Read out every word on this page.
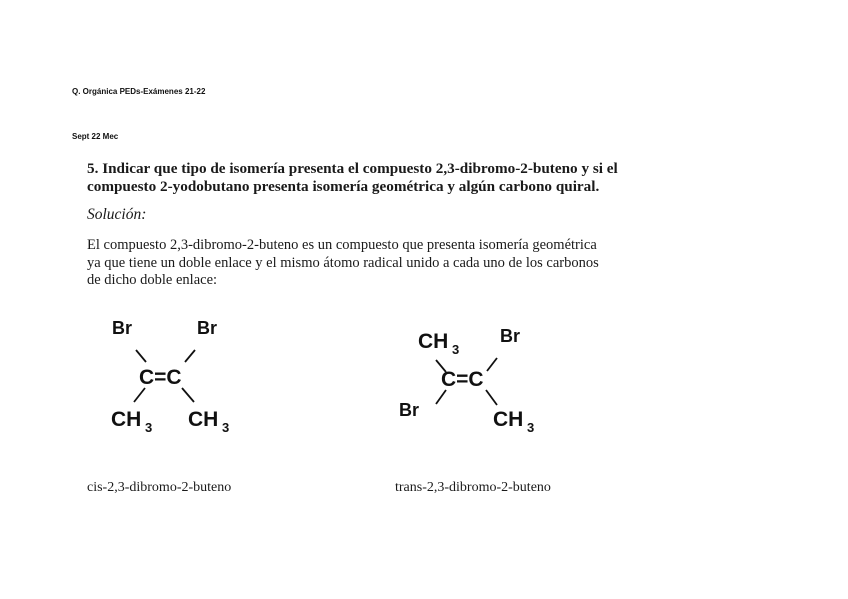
Q. Orgánica PEDs-Exámenes 21-22
Sept 22 Mec
5. Indicar que tipo de isomería presenta el compuesto 2,3-dibromo-2-buteno y si el
compuesto 2-yodobutano presenta isomería geométrica y algún carbono quiral.
Solución:
El compuesto 2,3-dibromo-2-buteno es un compuesto que presenta isomería geométrica
ya que tiene un doble enlace y el mismo átomo radical unido a cada uno de los carbonos
de dicho doble enlace:
Br	Br
C=C
CH 3 CH 3
CH 3
Br
C=C
Br	CH 3
cis-2,3-dibromo-2-buteno	trans-2,3-dibromo-2-buteno
